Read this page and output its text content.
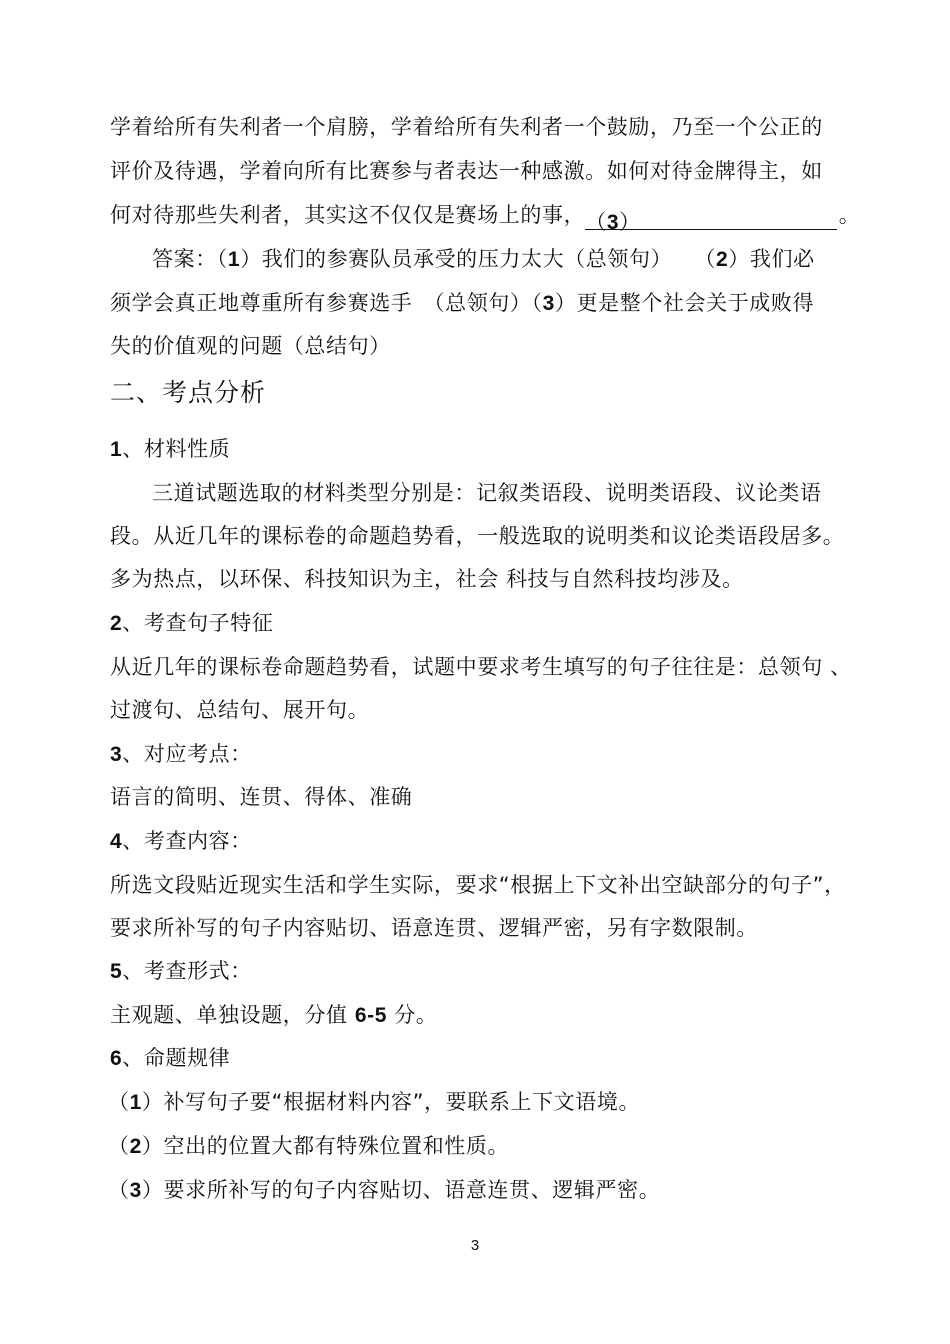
学着给所有失利者一个肩膀，学着给所有失利者一个鼓励，乃至一个公正的
评价及待遇，学着向所有比赛参与者表达一种感激。如何对待金牌得主，如
何对待那些失利者，其实这不仅仅是赛场上的事，（3）	。
答案：（1）我们的参赛队员承受的压力太大（总领句）　　（2）我们必
须学会真正地尊重所有参赛选手　（总领句）（3）更是整个社会关于成败得
失的价值观的问题（总结句）
二、考点分析
1、材料性质
三道试题选取的材料类型分别是：记叙类语段、说明类语段、议论类语
段。从近几年的课标卷的命题趋势看，一般选取的说明类和议论类语段居多。
多为热点，以环保、科技知识为主，社会 科技与自然科技均涉及。
2、考查句子特征
从近几年的课标卷命题趋势看，试题中要求考生填写的句子往往是：总领句 、
过渡句、总结句、展开句。
3、对应考点：
语言的简明、连贯、得体、准确
4、考查内容：
所选文段贴近现实生活和学生实际，要求“根据上下文补出空缺部分的句子”，
要求所补写的句子内容贴切、语意连贯、逻辑严密，另有字数限制。
5、考查形式：
主观题、单独设题，分值 6-5 分。
6、命题规律
（1）补写句子要“根据材料内容”，要联系上下文语境。
（2）空出的位置大都有特殊位置和性质。
（3）要求所补写的句子内容贴切、语意连贯、逻辑严密。
3
